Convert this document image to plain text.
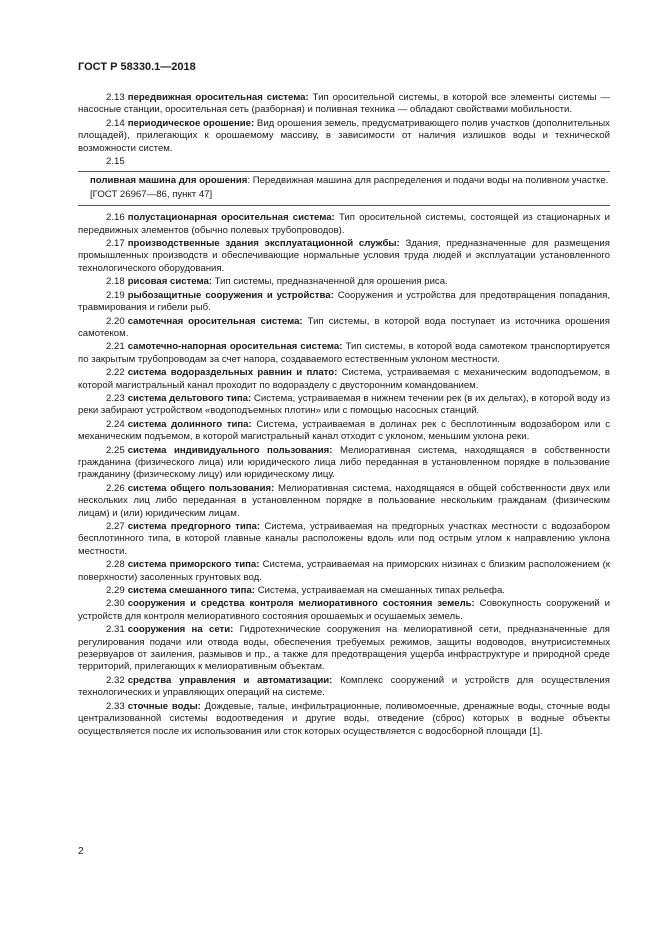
ГОСТ Р 58330.1—2018

2.13 передвижная оросительная система: Тип оросительной системы, в которой все элементы системы — насосные станции, оросительная сеть (разборная) и поливная техника — обладают свойствами мобильности.

2.14 периодическое орошение: Вид орошения земель, предусматривающего полив участков (дополнительных площадей), прилегающих к орошаемому массиву, в зависимости от наличия излишков воды и технической возможности систем.

2.15

поливная машина для орошения: Передвижная машина для распределения и подачи воды на поливном участке.

[ГОСТ 26967—86, пункт 47]

2.16 полустационарная оросительная система: Тип оросительной системы, состоящей из стационарных и передвижных элементов (обычно полевых трубопроводов).

2.17 производственные здания эксплуатационной службы: Здания, предназначенные для размещения промышленных производств и обеспечивающие нормальные условия труда людей и эксплуатации установленного технологического оборудования.

2.18 рисовая система: Тип системы, предназначенной для орошения риса.

2.19 рыбозащитные сооружения и устройства: Сооружения и устройства для предотвращения попадания, травмирования и гибели рыб.

2.20 самотечная оросительная система: Тип системы, в которой вода поступает из источника орошения самотеком.

2.21 самотечно-напорная оросительная система: Тип системы, в которой вода самотеком транспортируется по закрытым трубопроводам за счет напора, создаваемого естественным уклоном местности.

2.22 система водораздельных равнин и плато: Система, устраиваемая с механическим водоподъемом, в которой магистральный канал проходит по водоразделу с двусторонним командованием.

2.23 система дельтового типа: Система, устраиваемая в нижнем течении рек (в их дельтах), в которой воду из реки забирают устройством «водоподъемных плотин» или с помощью насосных станций.

2.24 система долинного типа: Система, устраиваемая в долинах рек с бесплотинным водозабором или с механическим подъемом, в которой магистральный канал отходит с уклоном, меньшим уклона реки.

2.25 система индивидуального пользования: Мелиоративная система, находящаяся в собственности гражданина (физического лица) или юридического лица либо переданная в установленном порядке в пользование гражданину (физическому лицу) или юридическому лицу.

2.26 система общего пользования: Мелиоративная система, находящаяся в общей собственности двух или нескольких лиц либо переданная в установленном порядке в пользование нескольким гражданам (физическим лицам) и (или) юридическим лицам.

2.27 система предгорного типа: Система, устраиваемая на предгорных участках местности с водозабором бесплотинного типа, в которой главные каналы расположены вдоль или под острым углом к направлению уклона местности.

2.28 система приморского типа: Система, устраиваемая на приморских низинах с близким расположением (к поверхности) засоленных грунтовых вод.

2.29 система смешанного типа: Система, устраиваемая на смешанных типах рельефа.

2.30 сооружения и средства контроля мелиоративного состояния земель: Совокупность сооружений и устройств для контроля мелиоративного состояния орошаемых и осушаемых земель.

2.31 сооружения на сети: Гидротехнические сооружения на мелиоративной сети, предназначенные для регулирования подачи или отвода воды, обеспечения требуемых режимов, защиты водоводов, внутрисистемных резервуаров от заиления, размывов и пр., а также для предотвращения ущерба инфраструктуре и природной среде территорий, прилегающих к мелиоративным объектам.

2.32 средства управления и автоматизации: Комплекс сооружений и устройств для осуществления технологических и управляющих операций на системе.

2.33 сточные воды: Дождевые, талые, инфильтрационные, поливомоечные, дренажные воды, сточные воды централизованной системы водоотведения и другие воды, отведение (сброс) которых в водные объекты осуществляется после их использования или сток которых осуществляется с водосборной площади [1].

2
